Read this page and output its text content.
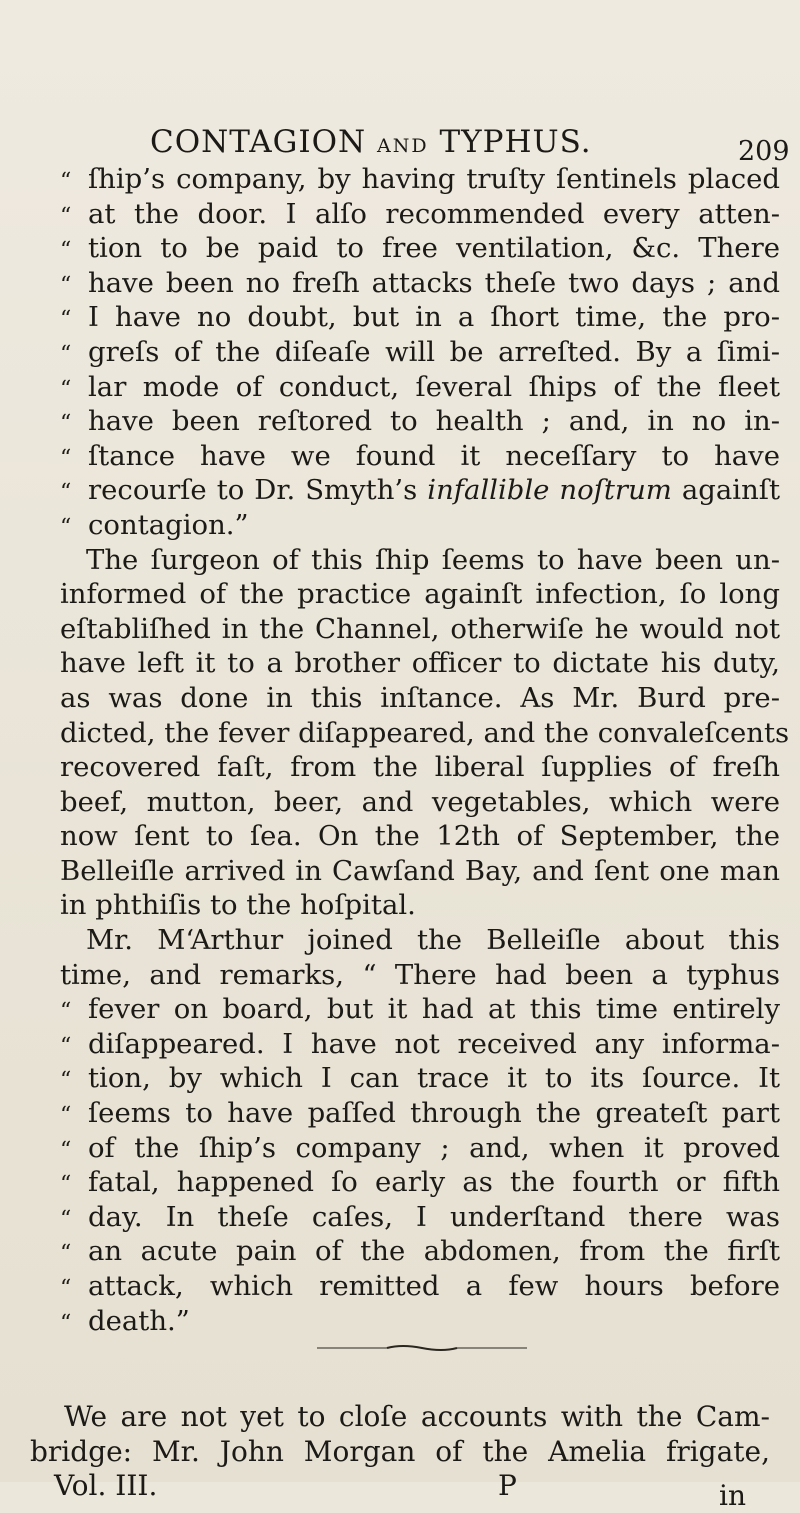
CONTAGION AND TYPHUS.	209
“ ſhip’s company, by having truſty ſentinels placed
“ at the door. I alſo recommended every atten-
“ tion to be paid to free ventilation, &c. There
“ have been no freſh attacks theſe two days ; and
“ I have no doubt, but in a ſhort time, the pro-
“ greſs of the diſeaſe will be arreſted. By a ſimi-
“ lar mode of conduct, ſeveral ſhips of the fleet
“ have been reſtored to health ; and, in no in-
“ ſtance have we found it neceſſary to have
“ recourſe to Dr. Smyth’s infallible noſtrum againſt
“ contagion.”
The ſurgeon of this ſhip ſeems to have been un-
informed of the practice againſt infection, ſo long
eſtabliſhed in the Channel, otherwiſe he would not
have left it to a brother officer to dictate his duty,
as was done in this inſtance. As Mr. Burd pre-
dicted, the fever diſappeared, and the convaleſcents
recovered faſt, from the liberal ſupplies of freſh
beef, mutton, beer, and vegetables, which were
now ſent to ſea. On the 12th of September, the
Belleiſle arrived in Cawſand Bay, and ſent one man
in phthiſis to the hoſpital.
Mr. M‘Arthur joined the Belleiſle about this
time, and remarks, “ There had been a typhus
“ fever on board, but it had at this time entirely
“ diſappeared. I have not received any informa-
“ tion, by which I can trace it to its ſource. It
“ ſeems to have paſſed through the greateſt part
“ of the ſhip’s company ; and, when it proved
“ fatal, happened ſo early as the fourth or fifth
“ day. In theſe caſes, I underſtand there was
“ an acute pain of the abdomen, from the firſt
“ attack, which remitted a few hours before
“ death.”
We are not yet to cloſe accounts with the Cam-
bridge: Mr. John Morgan of the Amelia frigate,
Vol. III.	P	in
